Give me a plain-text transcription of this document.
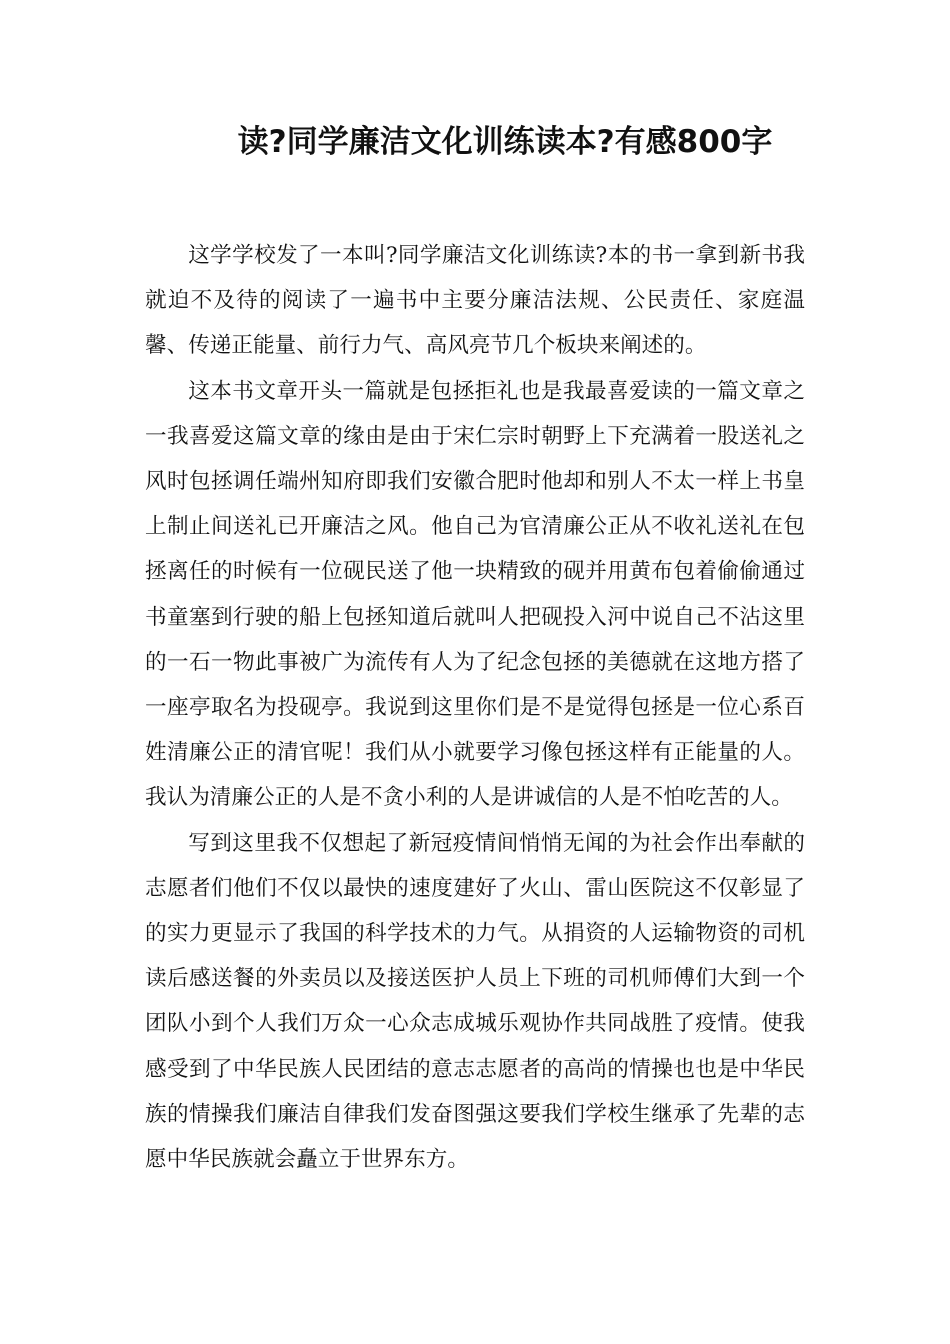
读?同学廉洁文化训练读本?有感800字

这学学校发了一本叫?同学廉洁文化训练读?本的书一拿到新书我就迫不及待的阅读了一遍书中主要分廉洁法规、公民责任、家庭温馨、传递正能量、前行力气、高风亮节几个板块来阐述的。

这本书文章开头一篇就是包拯拒礼也是我最喜爱读的一篇文章之一我喜爱这篇文章的缘由是由于宋仁宗时朝野上下充满着一股送礼之风时包拯调任端州知府即我们安徽合肥时他却和别人不太一样上书皇上制止间送礼已开廉洁之风。他自己为官清廉公正从不收礼送礼在包拯离任的时候有一位砚民送了他一块精致的砚并用黄布包着偷偷通过书童塞到行驶的船上包拯知道后就叫人把砚投入河中说自己不沾这里的一石一物此事被广为流传有人为了纪念包拯的美德就在这地方搭了一座亭取名为投砚亭。我说到这里你们是不是觉得包拯是一位心系百姓清廉公正的清官呢！我们从小就要学习像包拯这样有正能量的人。我认为清廉公正的人是不贪小利的人是讲诚信的人是不怕吃苦的人。

写到这里我不仅想起了新冠疫情间悄悄无闻的为社会作出奉献的志愿者们他们不仅以最快的速度建好了火山、雷山医院这不仅彰显了的实力更显示了我国的科学技术的力气。从捐资的人运输物资的司机读后感送餐的外卖员以及接送医护人员上下班的司机师傅们大到一个团队小到个人我们万众一心众志成城乐观协作共同战胜了疫情。使我感受到了中华民族人民团结的意志志愿者的高尚的情操也也是中华民族的情操我们廉洁自律我们发奋图强这要我们学校生继承了先辈的志愿中华民族就会矗立于世界东方。
